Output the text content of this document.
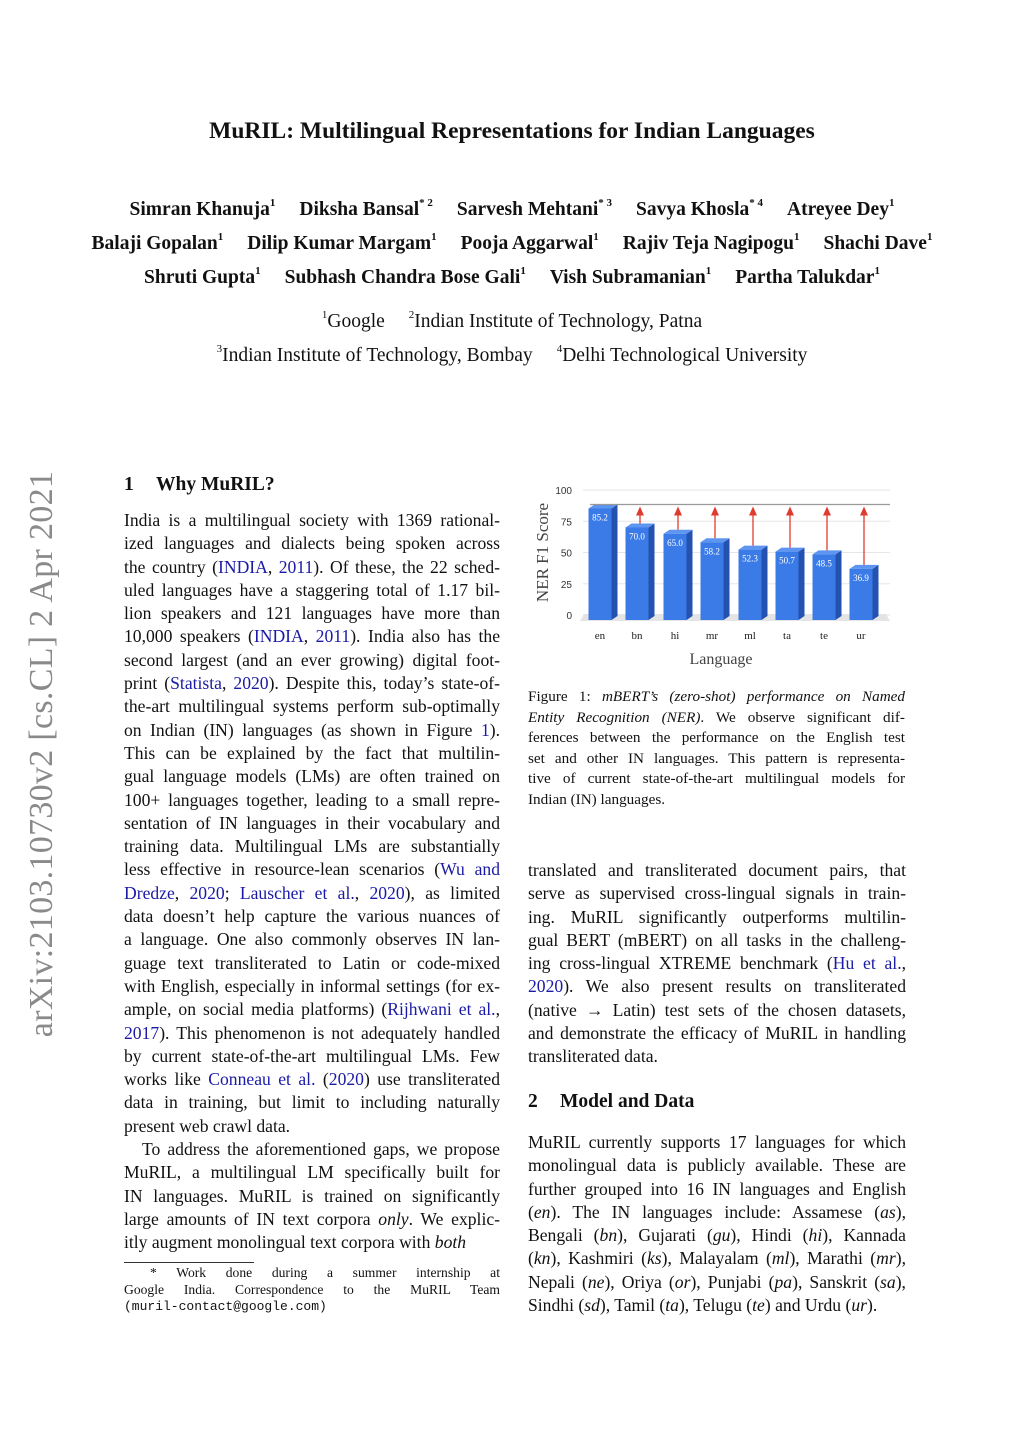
arXiv:2103.10730v2 [cs.CL] 2 Apr 2021
MuRIL: Multilingual Representations for Indian Languages
Simran Khanuja$^1$ Diksha Bansal$^{* 2}$ Sarvesh Mehtani$^{* 3}$ Savya Khosla$^{* 4}$ Atreyee Dey$^1$
Balaji Gopalan$^1$ Dilip Kumar Margam$^1$ Pooja Aggarwal$^1$ Rajiv Teja Nagipogu$^1$ Shachi Dave$^1$
Shruti Gupta$^1$ Subhash Chandra Bose Gali$^1$ Vish Subramanian$^1$ Partha Talukdar$^1$
$^1$Google $^2$Indian Institute of Technology, Patna
$^3$Indian Institute of Technology, Bombay $^4$Delhi Technological University
1 Why MuRIL?
India is a multilingual society with 1369 rational-
ized languages and dialects being spoken across
the country (INDIA, 2011). Of these, the 22 sched-
uled languages have a staggering total of 1.17 bil-
lion speakers and 121 languages have more than
10,000 speakers (INDIA, 2011). India also has the
second largest (and an ever growing) digital foot-
print (Statista, 2020). Despite this, today’s state-of-
the-art multilingual systems perform sub-optimally
on Indian (IN) languages (as shown in Figure 1).
This can be explained by the fact that multilin-
gual language models (LMs) are often trained on
100+ languages together, leading to a small repre-
sentation of IN languages in their vocabulary and
training data. Multilingual LMs are substantially
less effective in resource-lean scenarios (Wu and
Dredze, 2020; Lauscher et al., 2020), as limited
data doesn’t help capture the various nuances of
a language. One also commonly observes IN lan-
guage text transliterated to Latin or code-mixed
with English, especially in informal settings (for ex-
ample, on social media platforms) (Rijhwani et al.,
2017). This phenomenon is not adequately handled
by current state-of-the-art multilingual LMs. Few
works like Conneau et al. (2020) use transliterated
data in training, but limit to including naturally
present web crawl data.
To address the aforementioned gaps, we propose
MuRIL, a multilingual LM specifically built for
IN languages. MuRIL is trained on significantly
large amounts of IN text corpora only. We explic-
itly augment monolingual text corpora with both
* Work done during a summer internship at
Google India. Correspondence to the MuRIL Team
(muril-contact@google.com)
0
25
50
75
100
85.2
en
70.0
bn
65.0
hi
58.2
mr
52.3
ml
50.7
ta
48.5
te
36.9
ur
NER F1 Score
Language
Figure 1: mBERT’s (zero-shot) performance on Named
Entity Recognition (NER). We observe significant dif-
ferences between the performance on the English test
set and other IN languages. This pattern is representa-
tive of current state-of-the-art multilingual models for
Indian (IN) languages.
translated and transliterated document pairs, that
serve as supervised cross-lingual signals in train-
ing. MuRIL significantly outperforms multilin-
gual BERT (mBERT) on all tasks in the challeng-
ing cross-lingual XTREME benchmark (Hu et al.,
2020). We also present results on transliterated
(native → Latin) test sets of the chosen datasets,
and demonstrate the efficacy of MuRIL in handling
transliterated data.
2 Model and Data
MuRIL currently supports 17 languages for which
monolingual data is publicly available. These are
further grouped into 16 IN languages and English
(en). The IN languages include: Assamese (as),
Bengali (bn), Gujarati (gu), Hindi (hi), Kannada
(kn), Kashmiri (ks), Malayalam (ml), Marathi (mr),
Nepali (ne), Oriya (or), Punjabi (pa), Sanskrit (sa),
Sindhi (sd), Tamil (ta), Telugu (te) and Urdu (ur).
